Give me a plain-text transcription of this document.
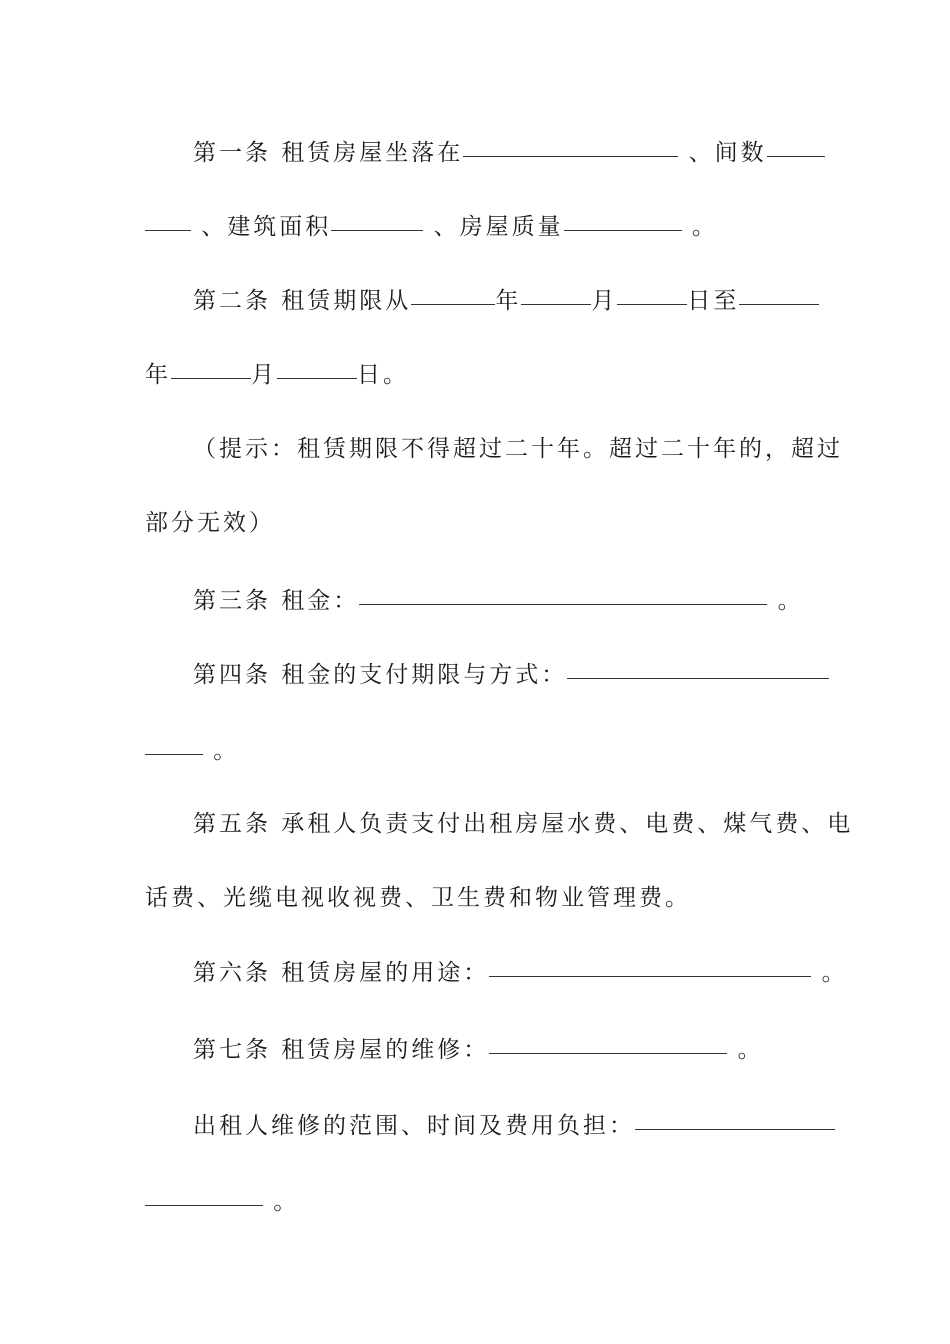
第一条 租赁房屋坐落在	、间数
、建筑面积	、房屋质量	。
第二条 租赁期限从	年	月	日至
年	月	日。
（提示：租赁期限不得超过二十年。超过二十年的，超过
部分无效）
第三条 租金：	。
第四条 租金的支付期限与方式：
。
第五条 承租人负责支付出租房屋水费、电费、煤气费、电
话费、光缆电视收视费、卫生费和物业管理费。
第六条 租赁房屋的用途：	。
第七条 租赁房屋的维修：	。
出租人维修的范围、时间及费用负担：
。
